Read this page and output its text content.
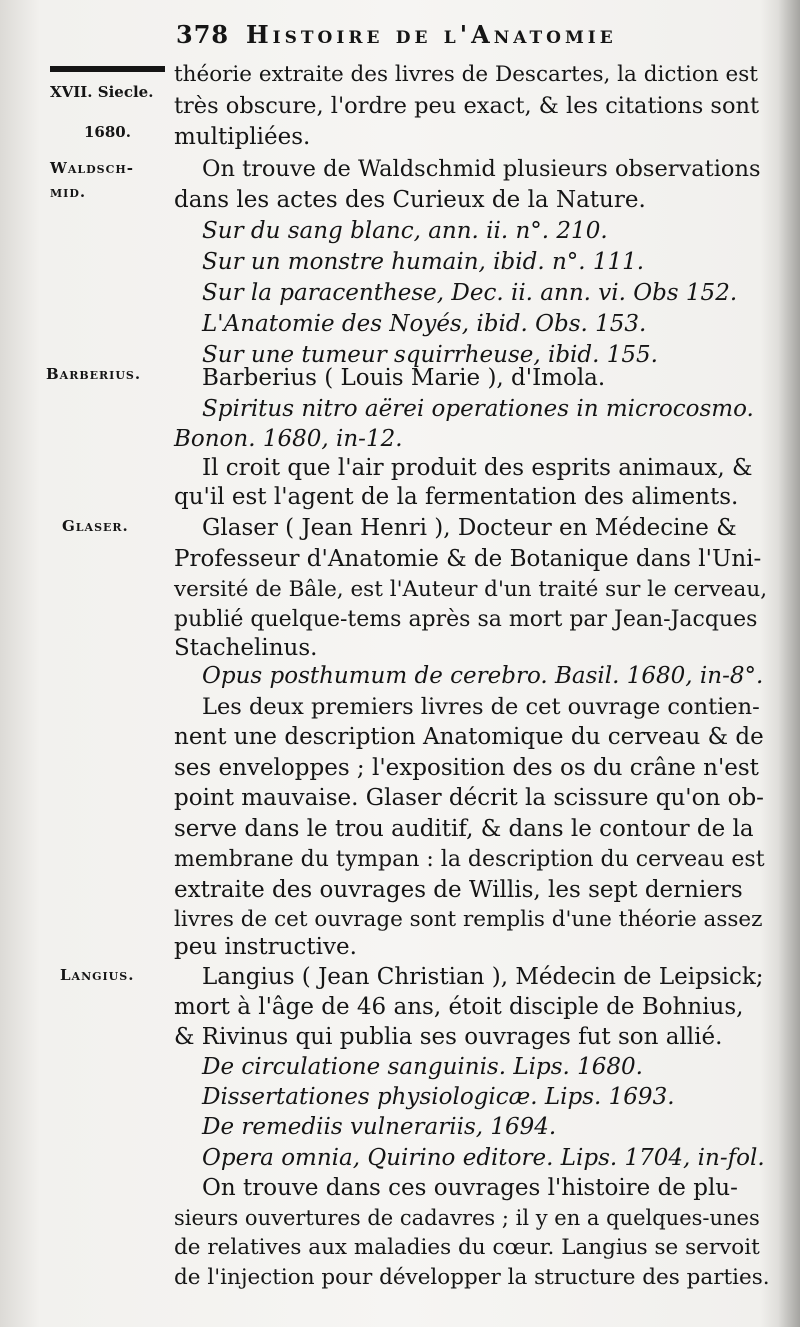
378 Histoire de l'Anatomie
XVII. Siecle.
1680.
Waldsch-
mid.
Barberius.
Glaser.
Langius.
théorie extraite des livres de Descartes, la diction est
très obscure, l'ordre peu exact, & les citations sont
multipliées.
On trouve de Waldschmid plusieurs observations
dans les actes des Curieux de la Nature.
Sur du sang blanc, ann. ii. n°. 210.
Sur un monstre humain, ibid. n°. 111.
Sur la paracenthese, Dec. ii. ann. vi. Obs 152.
L'Anatomie des Noyés, ibid. Obs. 153.
Sur une tumeur squirrheuse, ibid. 155.
Barberius ( Louis Marie ), d'Imola.
Spiritus nitro aërei operationes in microcosmo.
Bonon. 1680, in-12.
Il croit que l'air produit des esprits animaux, &
qu'il est l'agent de la fermentation des aliments.
Glaser ( Jean Henri ), Docteur en Médecine &
Professeur d'Anatomie & de Botanique dans l'Uni-
versité de Bâle, est l'Auteur d'un traité sur le cerveau,
publié quelque-tems après sa mort par Jean-Jacques
Stachelinus.
Opus posthumum de cerebro. Basil. 1680, in-8°.
Les deux premiers livres de cet ouvrage contien-
nent une description Anatomique du cerveau & de
ses enveloppes ; l'exposition des os du crâne n'est
point mauvaise. Glaser décrit la scissure qu'on ob-
serve dans le trou auditif, & dans le contour de la
membrane du tympan : la description du cerveau est
extraite des ouvrages de Willis, les sept derniers
livres de cet ouvrage sont remplis d'une théorie assez
peu instructive.
Langius ( Jean Christian ), Médecin de Leipsick;
mort à l'âge de 46 ans, étoit disciple de Bohnius,
& Rivinus qui publia ses ouvrages fut son allié.
De circulatione sanguinis. Lips. 1680.
Dissertationes physiologicæ. Lips. 1693.
De remediis vulnerariis, 1694.
Opera omnia, Quirino editore. Lips. 1704, in-fol.
On trouve dans ces ouvrages l'histoire de plu-
sieurs ouvertures de cadavres ; il y en a quelques-unes
de relatives aux maladies du cœur. Langius se servoit
de l'injection pour développer la structure des parties.
